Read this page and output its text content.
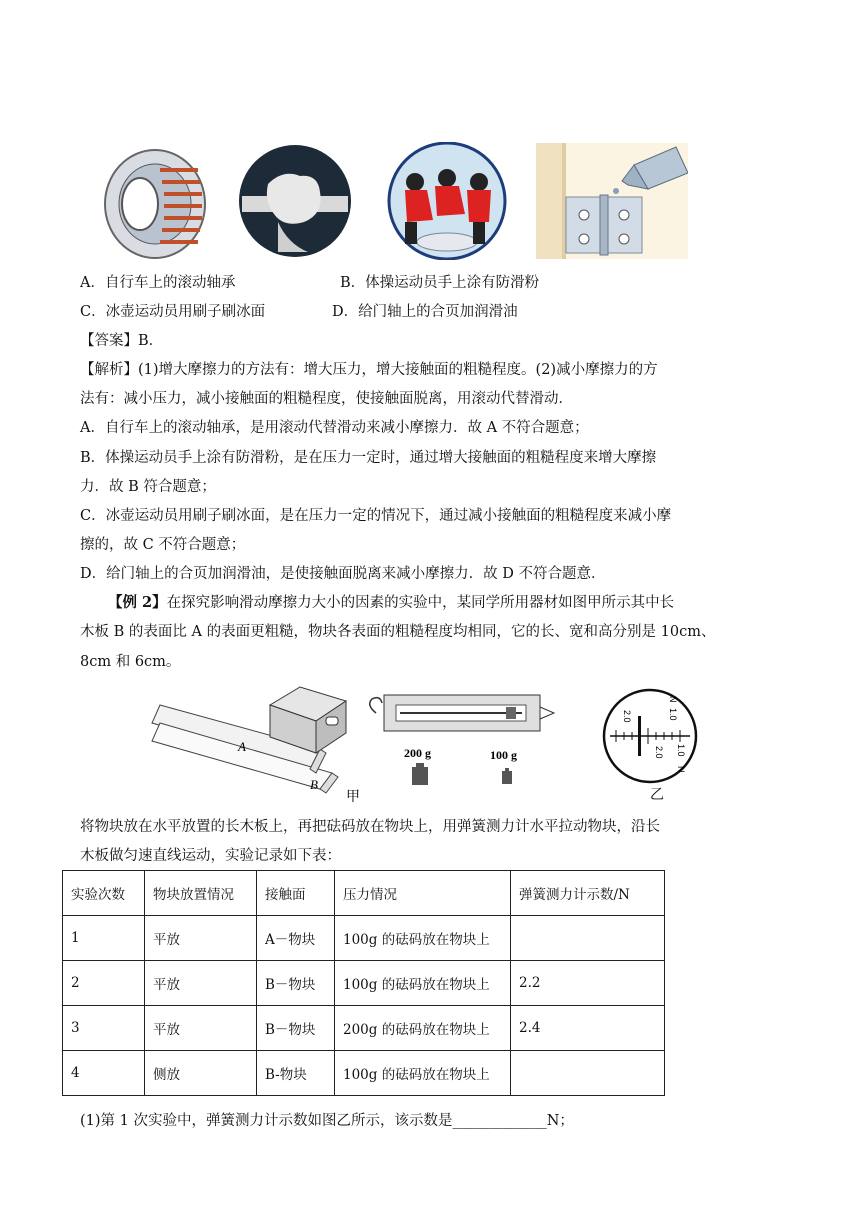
A．自行车上的滚动轴承	B．体操运动员手上涂有防滑粉
C．冰壶运动员用刷子刷冰面	D．给门轴上的合页加润滑油
【答案】B．
【解析】(1)增大摩擦力的方法有：增大压力，增大接触面的粗糙程度。(2)减小摩擦力的方
法有：减小压力，减小接触面的粗糙程度，使接触面脱离，用滚动代替滑动．
A．自行车上的滚动轴承，是用滚动代替滑动来减小摩擦力．故 A 不符合题意；
B．体操运动员手上涂有防滑粉，是在压力一定时，通过增大接触面的粗糙程度来增大摩擦
力．故 B 符合题意；
C．冰壶运动员用刷子刷冰面，是在压力一定的情况下，通过减小接触面的粗糙程度来减小摩
擦的，故 C 不符合题意；
D．给门轴上的合页加润滑油，是使接触面脱离来减小摩擦力．故 D 不符合题意．
【例 2】在探究影响滑动摩擦力大小的因素的实验中，某同学所用器材如图甲所示其中长
木板 B 的表面比 A 的表面更粗糙，物块各表面的粗糙程度均相同，它的长、宽和高分别是 10cm、
8cm 和 6cm。
A
B
甲
200 g	100 g
2.0
N
1.0
2.0 1.0
N
乙
将物块放在水平放置的长木板上，再把砝码放在物块上，用弹簧测力计水平拉动物块，沿长
木板做匀速直线运动，实验记录如下表：
实验次数	物块放置情况	接触面	压力情况	弹簧测力计示数/N
1	平放	A－物块	100g 的砝码放在物块上	
2	平放	B－物块	100g 的砝码放在物块上	2.2
3	平放	B－物块	200g 的砝码放在物块上	2.4
4	侧放	B-物块	100g 的砝码放在物块上	
(1)第 1 次实验中，弹簧测力计示数如图乙所示，该示数是_____________N；
